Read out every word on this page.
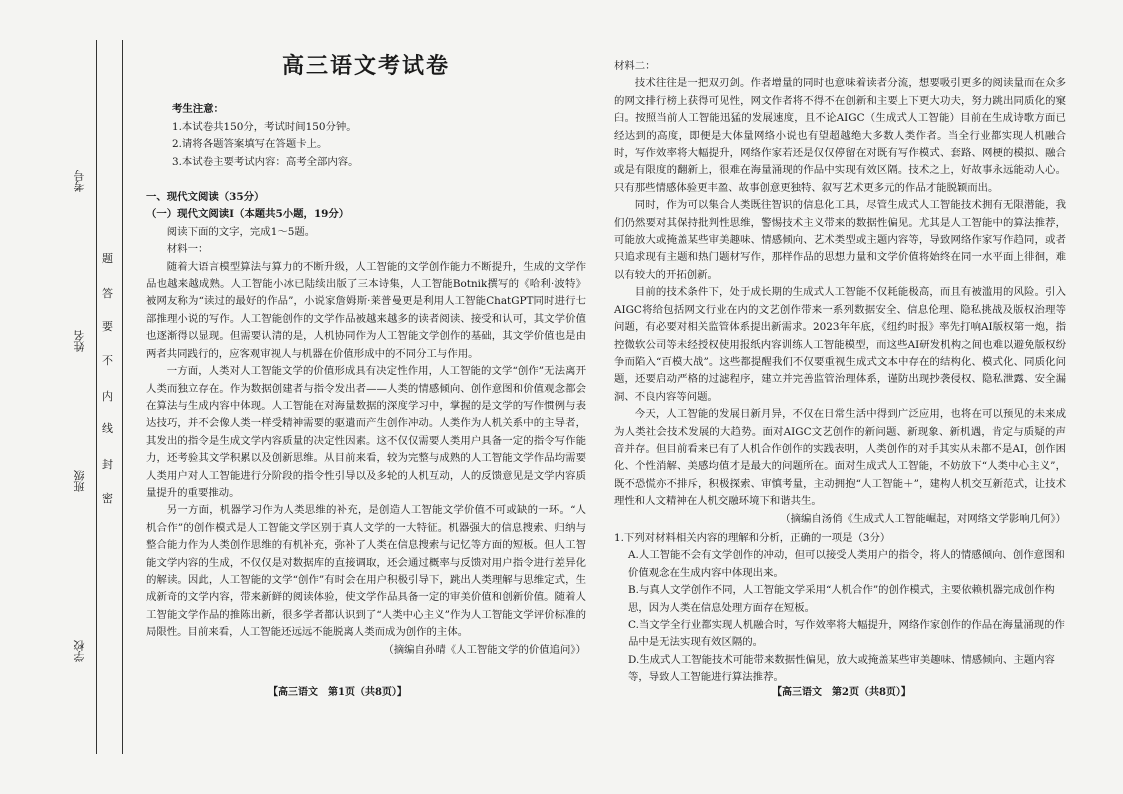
考号
姓名
班级
学校
题
答
要
不
内
线
封
密
高三语文考试卷
考生注意：
1.本试卷共150分，考试时间150分钟。
2.请将各题答案填写在答题卡上。
3.本试卷主要考试内容：高考全部内容。
一、现代文阅读（35分）
（一）现代文阅读Ⅰ（本题共5小题，19分）

阅读下面的文字，完成1～5题。

材料一：

随着大语言模型算法与算力的不断升级，人工智能的文学创作能力不断提升，生成的文学作品也越来越成熟。人工智能小冰已陆续出版了三本诗集，人工智能Botnik撰写的《哈利·波特》被网友称为“读过的最好的作品”，小说家詹姆斯·莱普曼更是利用人工智能ChatGPT同时进行七部推理小说的写作。人工智能创作的文学作品被越来越多的读者阅读、接受和认可，其文学价值也逐渐得以显现。但需要认清的是，人机协同作为人工智能文学创作的基础，其文学价值也是由两者共同践行的，应客观审视人与机器在价值形成中的不同分工与作用。

一方面，人类对人工智能文学的价值形成具有决定性作用，人工智能的文学“创作”无法离开人类而独立存在。作为数据创建者与指令发出者——人类的情感倾向、创作意图和价值观念都会在算法与生成内容中体现。人工智能在对海量数据的深度学习中，掌握的是文学的写作惯例与表达技巧，并不会像人类一样受精神需要的驱遣而产生创作冲动。人类作为人机关系中的主导者，其发出的指令是生成文学内容质量的决定性因素。这不仅仅需要人类用户具备一定的指令写作能力，还考验其文学积累以及创新思维。从目前来看，较为完整与成熟的人工智能文学作品均需要人类用户对人工智能进行分阶段的指令性引导以及多轮的人机互动，人的反馈意见是文学内容质量提升的重要推动。

另一方面，机器学习作为人类思维的补充，是创造人工智能文学价值不可或缺的一环。“人机合作”的创作模式是人工智能文学区别于真人文学的一大特征。机器强大的信息搜索、归纳与整合能力作为人类创作思维的有机补充，弥补了人类在信息搜索与记忆等方面的短板。但人工智能文学内容的生成，不仅仅是对数据库的直接调取，还会通过概率与反馈对用户指令进行差异化的解读。因此，人工智能的文学“创作”有时会在用户积极引导下，跳出人类理解与思维定式，生成新奇的文学内容，带来新鲜的阅读体验，使文学作品具备一定的审美价值和创新价值。随着人工智能文学作品的推陈出新，很多学者都认识到了“人类中心主义”作为人工智能文学评价标准的局限性。目前来看，人工智能还远远不能脱离人类而成为创作的主体。

（摘编自孙晴《人工智能文学的价值追问》）

【高三语文　第1页（共8页）】
材料二：

技术往往是一把双刃剑。作者增量的同时也意味着读者分流，想要吸引更多的阅读量而在众多的网文排行榜上获得可见性，网文作者将不得不在创新和主要上下更大功夫，努力跳出同质化的窠臼。按照当前人工智能迅猛的发展速度，且不论AIGC（生成式人工智能）目前在生成诗歌方面已经达到的高度，即便是大体量网络小说也有望超越绝大多数人类作者。当全行业都实现人机融合时，写作效率将大幅提升，网络作家若还是仅仅停留在对既有写作模式、套路、网梗的模拟、融合或是有限度的翻新上，很难在海量涌现的作品中实现有效区隔。技术之上，好故事永远能动人心。只有那些情感体验更丰盈、故事创意更独特、叙写艺术更多元的作品才能脱颖而出。

同时，作为可以集合人类既往智识的信息化工具，尽管生成式人工智能技术拥有无限潜能，我们仍然要对其保持批判性思维，警惕技术主义带来的数据性偏见。尤其是人工智能中的算法推荐，可能放大或掩盖某些审美趣味、情感倾向、艺术类型或主题内容等，导致网络作家写作趋同，或者只追求现有主题和热门题材写作，那样作品的思想力量和文学价值将始终在同一水平面上徘徊，难以有较大的开拓创新。

目前的技术条件下，处于成长期的生成式人工智能不仅耗能极高，而且有被滥用的风险。引入AIGC将给包括网文行业在内的文艺创作带来一系列数据安全、信息伦理、隐私挑战及版权治理等问题，有必要对相关监管体系提出新需求。2023年年底，《纽约时报》率先打响AI版权第一炮，指控微软公司等未经授权使用报纸内容训练人工智能模型，而这些AI研发机构之间也难以避免版权纷争而陷入“百模大战”。这些都提醒我们不仅要重视生成式文本中存在的结构化、模式化、同质化问题，还要启动严格的过滤程序，建立并完善监管治理体系，谨防出现抄袭侵权、隐私泄露、安全漏洞、不良内容等问题。

今天，人工智能的发展日新月异，不仅在日常生活中得到广泛应用，也将在可以预见的未来成为人类社会技术发展的大趋势。面对AIGC文艺创作的新问题、新现象、新机遇，肯定与质疑的声音并存。但目前看来已有了人机合作创作的实践表明，人类创作的对手其实从未都不是AI，创作困化、个性消解、美感均值才是最大的问题所在。面对生成式人工智能，不妨放下“人类中心主义”，既不恐慌亦不排斥，积极探索、审慎考量，主动拥抱“人工智能＋”，建构人机交互新范式，让技术理性和人文精神在人机交融环境下和谐共生。

（摘编自汤俏《生成式人工智能崛起，对网络文学影响几何》）

1.下列对材料相关内容的理解和分析，正确的一项是（3分）
A.人工智能不会有文学创作的冲动，但可以接受人类用户的指令，将人的情感倾向、创作意图和价值观念在生成内容中体现出来。
B.与真人文学创作不同，人工智能文学采用“人机合作”的创作模式，主要依赖机器完成创作构思，因为人类在信息处理方面存在短板。
C.当文学全行业都实现人机融合时，写作效率将大幅提升，网络作家创作的作品在海量涌现的作品中是无法实现有效区隔的。
D.生成式人工智能技术可能带来数据性偏见，放大或掩盖某些审美趣味、情感倾向、主题内容等，导致人工智能进行算法推荐。
【高三语文　第2页（共8页）】
